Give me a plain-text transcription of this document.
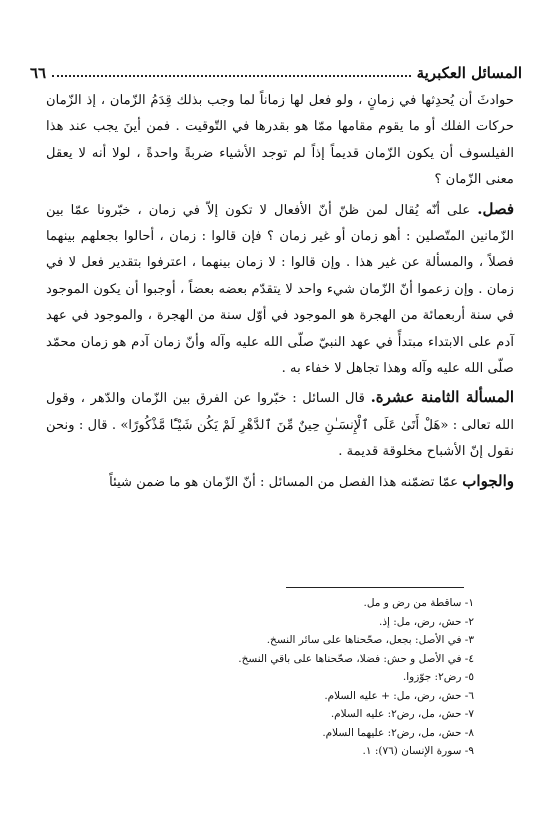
المسائل العكبرية
٦٦

حوادثَ أن يُحدِثها في زمانٍ ، ولو فعل لها زماناً لما وجب بذلك قِدَمُ الزّمان ، إذ الزّمان حركات الفلك أو ما يقوم مقامها ممّا هو بقدرها في التّوقيت . فمن أينَ يجب عند هذا الفيلسوف أن يكون الزّمان قديماً إذاً لم توجد الأشياء ضربةً واحدةً ، لولا أنه لا يعقل معنى الزّمان ؟

فصل. على أنّه يُقال لمن ظنّ أنّ الأفعال لا تكون إلاّ في زمان ، خبّرونا عمّا بين الزّمانين المتّصلين : أهو زمان أو غير زمان ؟ فإن قالوا : زمان ، أحالوا بجعلهم بينهما فصلاً ، والمسألة عن غير هذا . وإن قالوا : لا زمان بينهما ، اعترفوا بتقدير فعل لا في زمان . وإن زعموا أنّ الزّمان شيء واحد لا يتقدّم بعضه بعضاً ، أوجبوا أن يكون الموجود في سنة أربعمائة من الهجرة هو الموجود في أوّل سنة من الهجرة ، والموجود في عهد آدم على الابتداء مبتدأً في عهد النبيّ صلّى الله عليه وآله وأنّ زمان آدم هو زمان محمّد صلّى الله عليه وآله وهذا تجاهل لا خفاء به .

المسألة الثامنة عشرة. قال السائل : خبّروا عن الفرق بين الزّمان والدّهر ، وقول الله تعالى : «هَلْ أَتَىٰ عَلَى ٱلْإِنسَـٰنِ حِينٌ مِّنَ ٱلدَّهْرِ لَمْ يَكُن شَيْـًٔا مَّذْكُورًا» . قال : ونحن نقول إنّ الأشباح مخلوقة قديمة .

والجواب عمّا تضمّنه هذا الفصل من المسائل : أنّ الزّمان هو ما ضمن شيئاً

١- ساقطة من رض و مل.
٢- حش، رض، مل: إذ.
٣- في الأصل: بجعل، صحّحناها على سائر النسخ.
٤- في الأصل و حش: فضلا، صحّحناها على باقي النسخ.
٥- رض٢: جوّزوا.
٦- حش، رض، مل: + عليه السلام.
٧- حش، مل، رض٢: عليه السلام.
٨- حش، مل، رض٢: عليهما السلام.
٩- سورة الإنسان (٧٦): ١.
